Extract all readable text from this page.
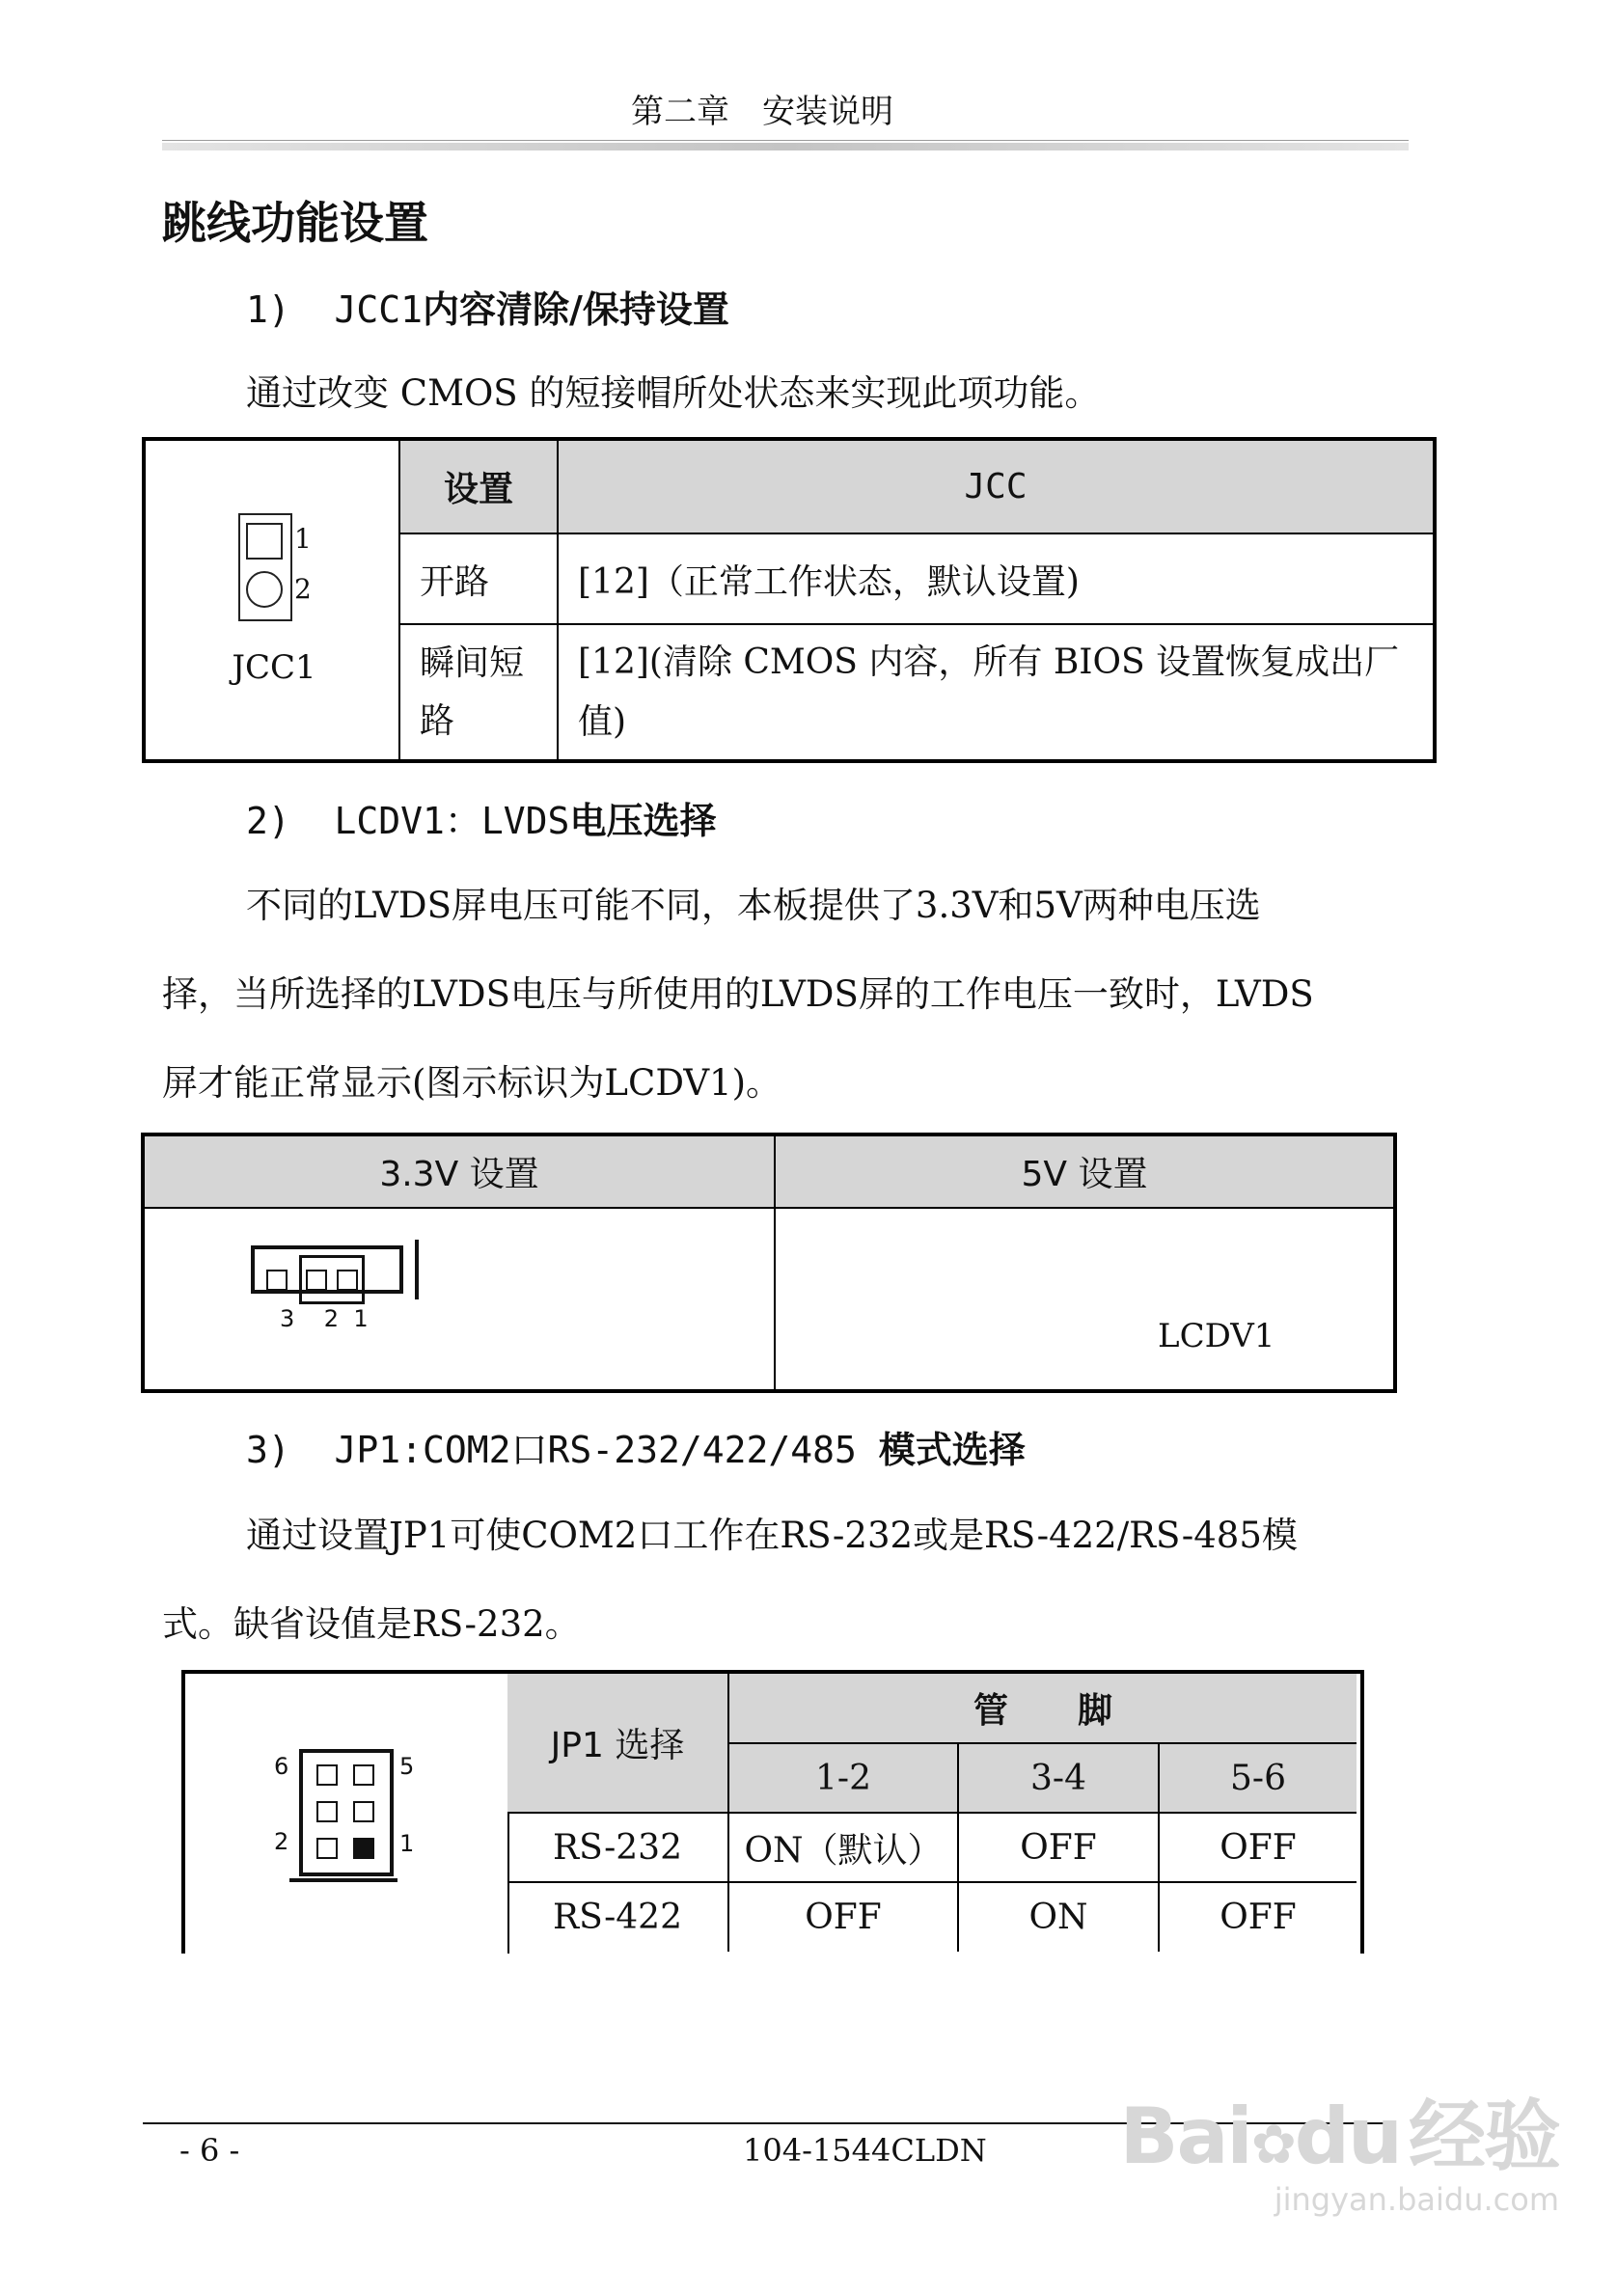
第二章　安装说明
跳线功能设置
1) JCC1内容清除/保持设置
通过改变 CMOS 的短接帽所处状态来实现此项功能。
1
2
JCC1	设置	JCC
	开路	[12]（正常工作状态，默认设置)
	瞬间短路	[12](清除 CMOS 内容，所有 BIOS 设置恢复成出厂值)
2) LCDV1：LVDS电压选择
不同的LVDS屏电压可能不同，本板提供了3.3V和5V两种电压选
择，当所选择的LVDS电压与所使用的LVDS屏的工作电压一致时，LVDS
屏才能正常显示(图示标识为LCDV1)。
3.3V 设置	5V 设置

3 2 1	LCDV1
3) JP1:COM2口RS-232/422/485 模式选择
通过设置JP1可使COM2口工作在RS-232或是RS-422/RS-485模
式。缺省设值是RS-232。
6	5
2	1
JP1 选择	管　　脚		
	1-2	3-4	5-6
RS-232	ON（默认）	OFF	OFF
RS-422	OFF	ON	OFF
- 6 -	104-1544CLDN Bai✿du 经验
jingyan.baidu.com
